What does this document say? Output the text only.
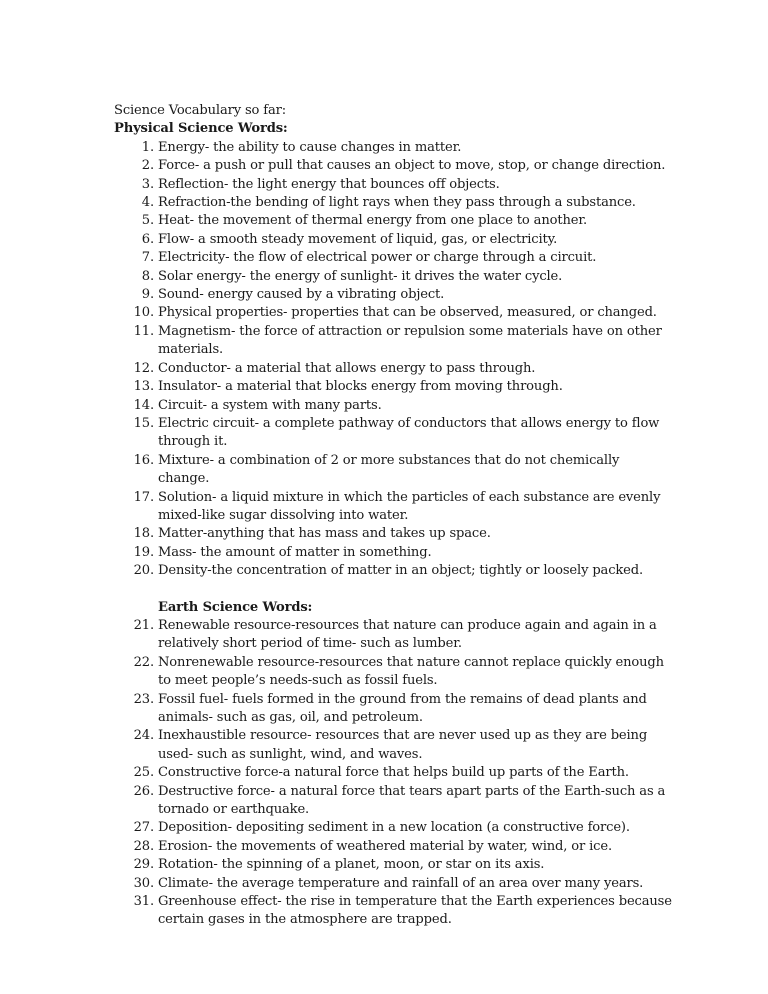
Science Vocabulary so far:

Physical Science Words:

1. Energy- the ability to cause changes in matter.
2. Force- a push or pull that causes an object to move, stop, or change direction.
3. Reflection- the light energy that bounces off objects.
4. Refraction-the bending of light rays when they pass through a substance.
5. Heat- the movement of thermal energy from one place to another.
6. Flow- a smooth steady movement of liquid, gas, or electricity.
7. Electricity- the flow of electrical power or charge through a circuit.
8. Solar energy- the energy of sunlight- it drives the water cycle.
9. Sound- energy caused by a vibrating object.
10. Physical properties- properties that can be observed, measured, or changed.
11. Magnetism- the force of attraction or repulsion some materials have on other materials.
12. Conductor- a material that allows energy to pass through.
13. Insulator- a material that blocks energy from moving through.
14. Circuit- a system with many parts.
15. Electric circuit- a complete pathway of conductors that allows energy to flow through it.
16. Mixture- a combination of 2 or more substances that do not chemically change.
17. Solution- a liquid mixture in which the particles of each substance are evenly mixed-like sugar dissolving into water.
18. Matter-anything that has mass and takes up space.
19. Mass- the amount of matter in something.
20. Density-the concentration of matter in an object; tightly or loosely packed.

Earth Science Words:

21. Renewable resource-resources that nature can produce again and again in a relatively short period of time- such as lumber.
22. Nonrenewable resource-resources that nature cannot replace quickly enough to meet people’s needs-such as fossil fuels.
23. Fossil fuel- fuels formed in the ground from the remains of dead plants and animals- such as gas, oil, and petroleum.
24. Inexhaustible resource- resources that are never used up as they are being used- such as sunlight, wind, and waves.
25. Constructive force-a natural force that helps build up parts of the Earth.
26. Destructive force- a natural force that tears apart parts of the Earth-such as a tornado or earthquake.
27. Deposition- depositing sediment in a new location (a constructive force).
28. Erosion- the movements of weathered material by water, wind, or ice.
29. Rotation- the spinning of a planet, moon, or star on its axis.
30. Climate- the average temperature and rainfall of an area over many years.
31. Greenhouse effect- the rise in temperature that the Earth experiences because certain gases in the atmosphere are trapped.
